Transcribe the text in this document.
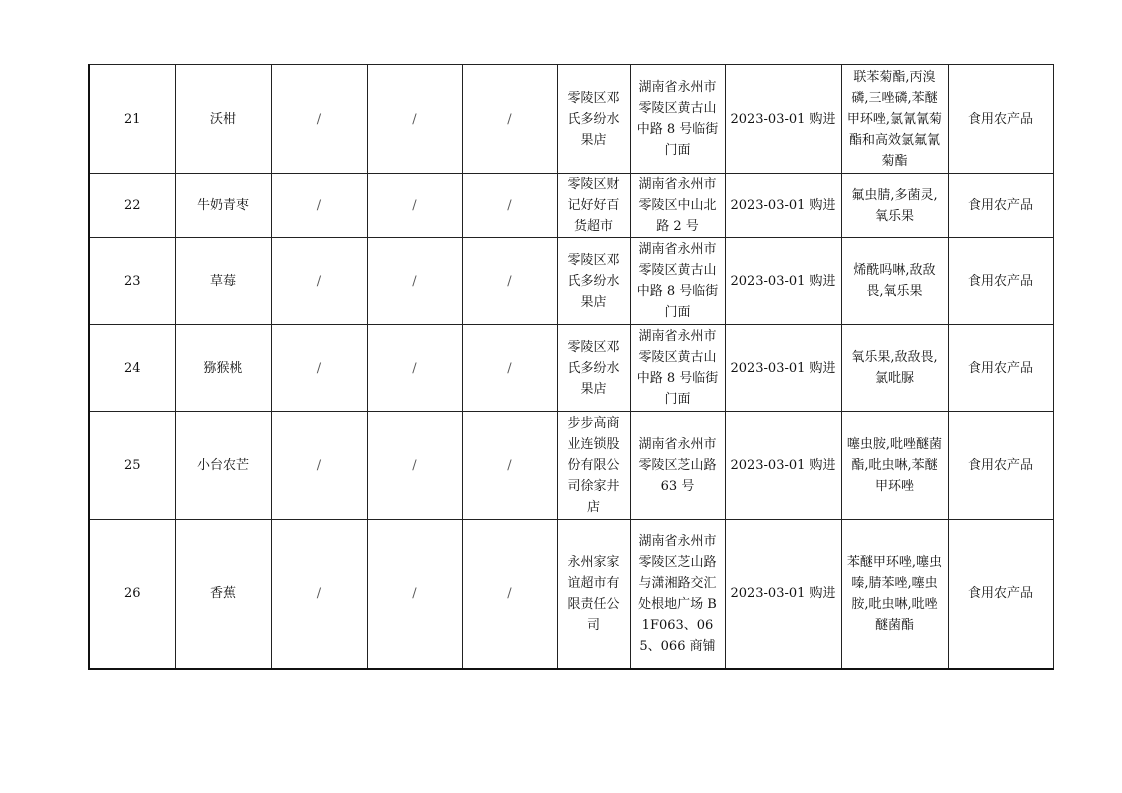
21	沃柑	/	/	/	零陵区邓氏多纷水果店	湖南省永州市零陵区黄古山中路 8 号临街门面	2023-03-01 购进	联苯菊酯,丙溴磷,三唑磷,苯醚甲环唑,氯氰氰菊酯和高效氯氟氰菊酯	食用农产品
22	牛奶青枣	/	/	/	零陵区财记好好百货超市	湖南省永州市零陵区中山北路 2 号	2023-03-01 购进	氟虫腈,多菌灵,氧乐果	食用农产品
23	草莓	/	/	/	零陵区邓氏多纷水果店	湖南省永州市零陵区黄古山中路 8 号临街门面	2023-03-01 购进	烯酰吗啉,敌敌畏,氧乐果	食用农产品
24	猕猴桃	/	/	/	零陵区邓氏多纷水果店	湖南省永州市零陵区黄古山中路 8 号临街门面	2023-03-01 购进	氧乐果,敌敌畏,氯吡脲	食用农产品
25	小台农芒	/	/	/	步步高商业连锁股份有限公司徐家井店	湖南省永州市零陵区芝山路 63 号	2023-03-01 购进	噻虫胺,吡唑醚菌酯,吡虫啉,苯醚甲环唑	食用农产品
26	香蕉	/	/	/	永州家家谊超市有限责任公司	湖南省永州市零陵区芝山路与潇湘路交汇处根地广场 B1F063、065、066 商铺	2023-03-01 购进	苯醚甲环唑,噻虫嗪,腈苯唑,噻虫胺,吡虫啉,吡唑醚菌酯	食用农产品
